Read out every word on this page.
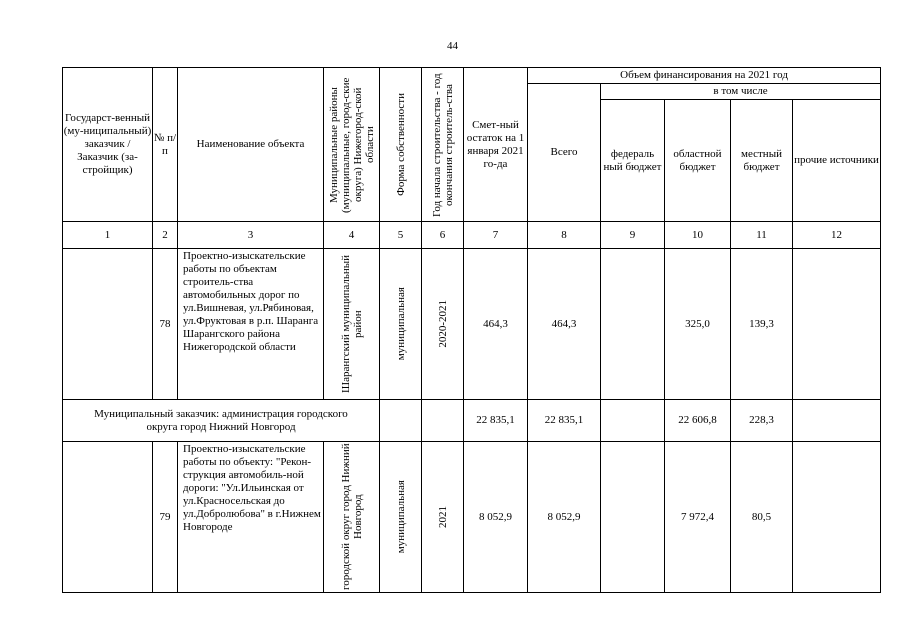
44
Государст-венный (му-ниципальный) заказчик / Заказчик (за-стройщик)	№ п/ п	Наименование объекта	Муниципальные районы (муниципальные, город-ские округа) Нижегород-ской области	Форма собственности	Год начала строительства - год окончания строитель-ства	Смет-ный остаток на 1 января 2021 го-да	Объем финансирования на 2021 год				
							Всего	в том числе			
								федераль ный бюджет	областной бюджет	местный бюджет	прочие источники
1	2	3	4	5	6	7	8	9	10	11	12
	78	Проектно-изыскательские работы по объектам строитель-ства автомобильных дорог по ул.Вишневая, ул.Рябиновая, ул.Фруктовая в р.п. Шаранга Шарангского района Нижегородской области	Шарангский муниципальный район	муниципальная	2020-2021	464,3	464,3		325,0	139,3	
Муниципальный заказчик: администрация городского округа город Нижний Новгород						22 835,1	22 835,1		22 606,8	228,3	
	79	Проектно-изыскательские работы по объекту: "Рекон-струкция автомобиль-ной дороги: "Ул.Ильинская от ул.Красносельская до ул.Добролюбова" в г.Нижнем Новгороде	городской округ город Нижний Новгород	муниципальная	2021	8 052,9	8 052,9		7 972,4	80,5	
